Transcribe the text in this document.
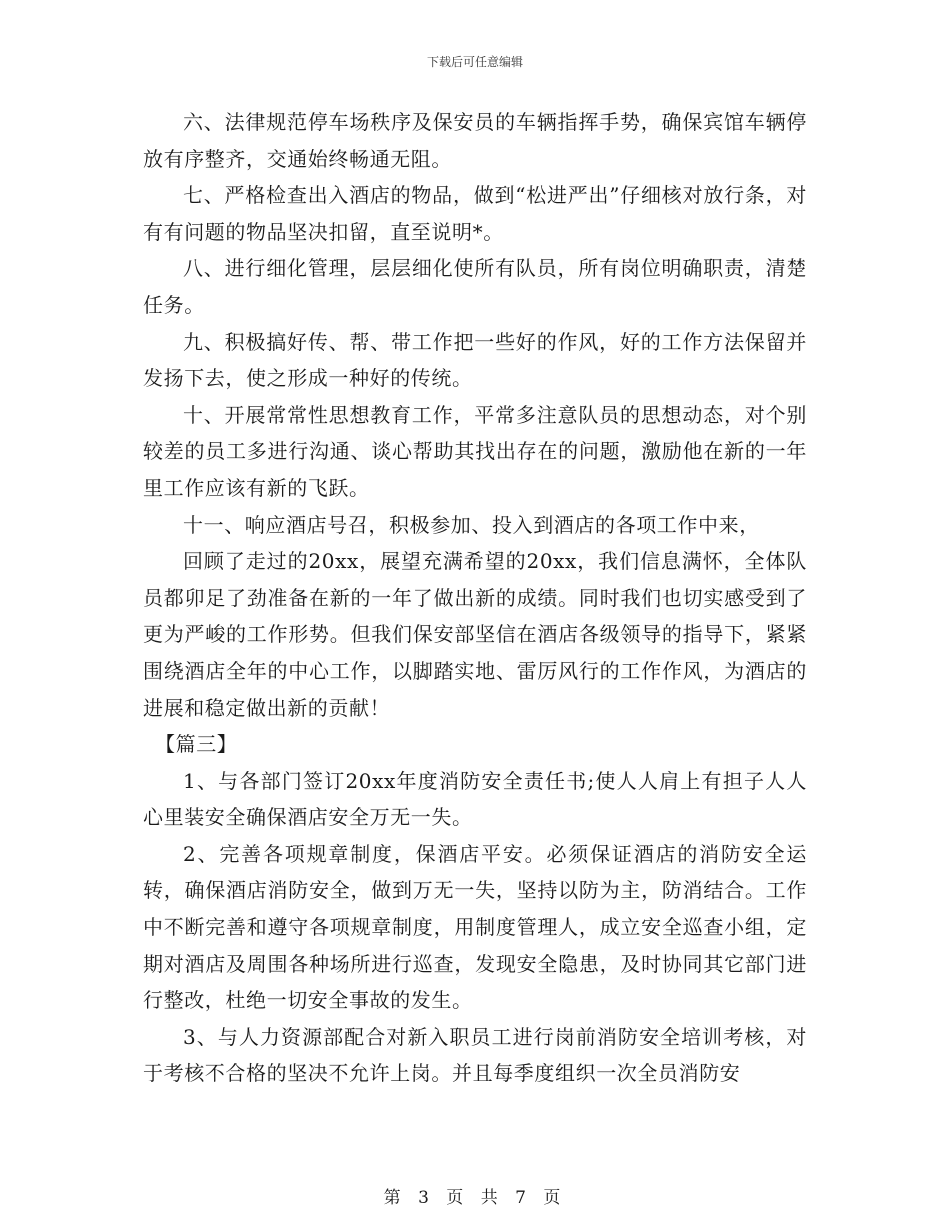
下载后可任意编辑

六、法律规范停车场秩序及保安员的车辆指挥手势，确保宾馆车辆停放有序整齐，交通始终畅通无阻。

七、严格检查出入酒店的物品，做到“松进严出”仔细核对放行条，对有有问题的物品坚决扣留，直至说明*。

八、进行细化管理，层层细化使所有队员，所有岗位明确职责，清楚任务。

九、积极搞好传、帮、带工作把一些好的作风，好的工作方法保留并发扬下去，使之形成一种好的传统。

十、开展常常性思想教育工作，平常多注意队员的思想动态，对个别较差的员工多进行沟通、谈心帮助其找出存在的问题，激励他在新的一年里工作应该有新的飞跃。

十一、响应酒店号召，积极参加、投入到酒店的各项工作中来，

回顾了走过的20xx，展望充满希望的20xx，我们信息满怀，全体队员都卯足了劲准备在新的一年了做出新的成绩。同时我们也切实感受到了更为严峻的工作形势。但我们保安部坚信在酒店各级领导的指导下，紧紧围绕酒店全年的中心工作，以脚踏实地、雷厉风行的工作作风，为酒店的进展和稳定做出新的贡献！

【篇三】

1、与各部门签订20xx年度消防安全责任书;使人人肩上有担子人人心里装安全确保酒店安全万无一失。

2、完善各项规章制度，保酒店平安。必须保证酒店的消防安全运转，确保酒店消防安全，做到万无一失，坚持以防为主，防消结合。工作中不断完善和遵守各项规章制度，用制度管理人，成立安全巡查小组，定期对酒店及周围各种场所进行巡查，发现安全隐患，及时协同其它部门进行整改，杜绝一切安全事故的发生。

3、与人力资源部配合对新入职员工进行岗前消防安全培训考核，对于考核不合格的坚决不允许上岗。并且每季度组织一次全员消防安

第 3 页 共 7 页
